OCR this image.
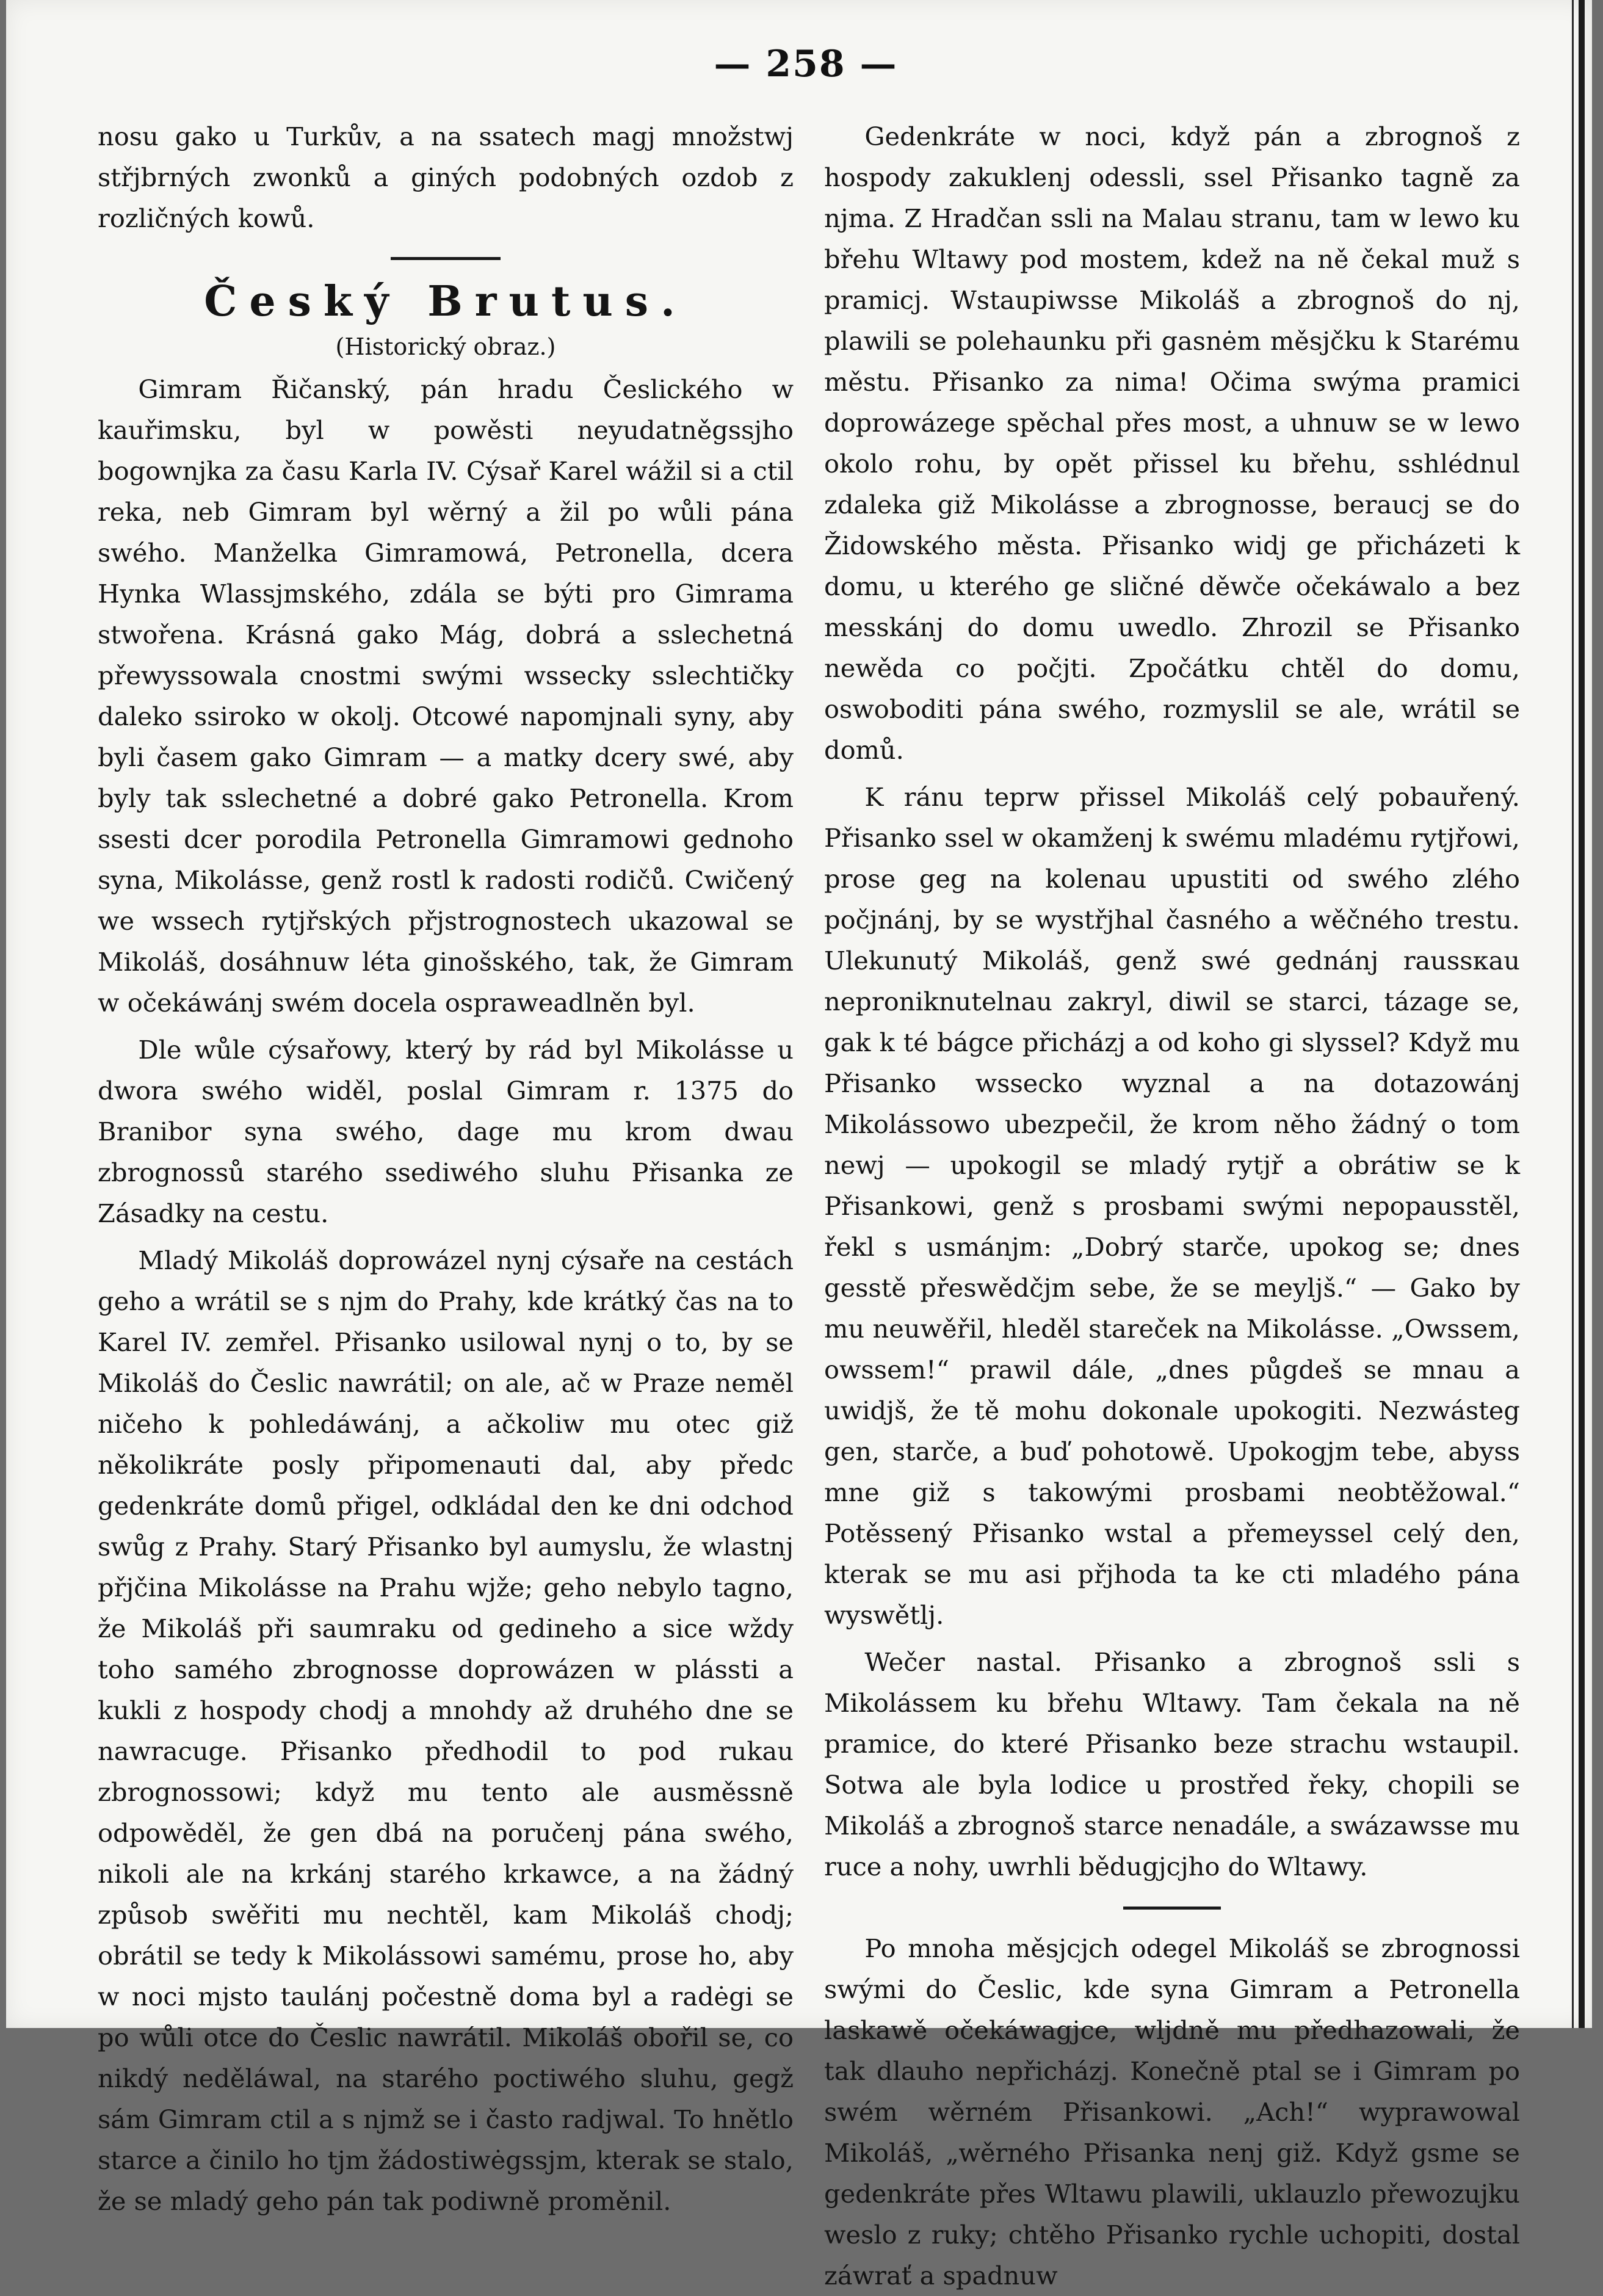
— 258 —

nosu gako u Turkův, a na ssatech magj množstwj střjbrných zwonků a giných podobných ozdob z rozličných kowů.

Český Brutus.
(Historický obraz.)

Gimram Řičanský, pán hradu Česlického w kauřimsku, byl w powěsti neyudatněgssjho bogownjka za času Karla IV. Cýsař Karel wážil si a ctil reka, neb Gimram byl wěrný a žil po wůli pána swého. Manželka Gimramowá, Petronella, dcera Hynka Wlassjmského, zdála se býti pro Gimrama stwořena. Krásná gako Mág, dobrá a sslechetná přewyssowala cnostmi swými wssecky sslechtičky daleko ssiroko w okolj. Otcowé napomjnali syny, aby byli časem gako Gimram — a matky dcery swé, aby byly tak sslechetné a dobré gako Petronella. Krom ssesti dcer porodila Petronella Gimramowi gednoho syna, Mikolásse, genž rostl k radosti rodičů. Cwičený we wssech rytjřských přjstrognostech ukazowal se Mikoláš, dosáhnuw léta ginošského, tak, že Gimram w očekáwánj swém docela ospraweadlněn byl.

Dle wůle cýsařowy, který by rád byl Mikolásse u dwora swého widěl, poslal Gimram r. 1375 do Branibor syna swého, dage mu krom dwau zbrognossů starého ssediwého sluhu Přisanka ze Zásadky na cestu.

Mladý Mikoláš doprowázel nynj cýsaře na cestách geho a wrátil se s njm do Prahy, kde krátký čas na to Karel IV. zemřel. Přisanko usilowal nynj o to, by se Mikoláš do Česlic nawrátil; on ale, ač w Praze neměl ničeho k pohledáwánj, a ačkoliw mu otec giž několikráte posly připomenauti dal, aby předc gedenkráte domů přigel, odkládal den ke dni odchod swůg z Prahy. Starý Přisanko byl aumyslu, že wlastnj přjčina Mikolásse na Prahu wjže; geho nebylo tagno, že Mikoláš při saumraku od gedineho a sice wždy toho samého zbrognosse doprowázen w plássti a kukli z hospody chodj a mnohdy až druhého dne se nawracuge. Přisanko předhodil to pod rukau zbrognossowi; když mu tento ale ausměssně odpowěděl, že gen dbá na poručenj pána swého, nikoli ale na krkánj starého krkawce, a na žádný způsob swěřiti mu nechtěl, kam Mikoláš chodj; obrátil se tedy k Mikolássowi samému, prose ho, aby w noci mjsto taulánj počestně doma byl a radėgi se po wůli otce do Česlic nawrátil. Mikoláš obořil se, co nikdý neděláwal, na starého poctiwého sluhu, gegž sám Gimram ctil a s njmž se i často radjwal. To hnětlo starce a činilo ho tjm žádostiwėgssjm, kterak se stalo, že se mladý geho pán tak podiwně proměnil.

Gedenkráte w noci, když pán a zbrognoš z hospody zakuklenj odessli, ssel Přisanko tagně za njma. Z Hradčan ssli na Malau stranu, tam w lewo ku břehu Wltawy pod mostem, kdež na ně čekal muž s pramicj. Wstaupiwsse Mikoláš a zbrognoš do nj, plawili se polehaunku při gasnėm měsjčku k Starému městu. Přisanko za nima! Očima swýma pramici doprowázege spěchal přes most, a uhnuw se w lewo okolo rohu, by opět přissel ku břehu, sshlédnul zdaleka giž Mikolásse a zbrognosse, beraucj se do Židowského města. Přisanko widj ge přicházeti k domu, u kterého ge sličné děwče očekáwalo a bez messkánj do domu uwedlo. Zhrozil se Přisanko newěda co počjti. Zpočátku chtěl do domu, oswoboditi pána swého, rozmyslil se ale, wrátil se domů.

K ránu teprw přissel Mikoláš celý pobauřený. Přisanko ssel w okamženj k swému mladému rytjřowi, prose geg na kolenau upustiti od swého zlého počjnánj, by se wystřjhal časného a wěčného trestu. Ulekunutý Mikoláš, genž swé gednánj raussкau neproniknutelnau zakryl, diwil se starci, tázage se, gak k té bágce přicházj a od koho gi slyssel? Když mu Přisanko wssecko wyznal a na dotazowánj Mikolássowo ubezpečil, že krom něho žádný o tom newj — upokogil se mladý rytjř a obrátiw se k Přisankowi, genž s prosbami swými nepopausstěl, řekl s usmánjm: „Dobrý starče, upokog se; dnes gesstě přeswědčjm sebe, že se meyljš.“ — Gako by mu neuwěřil, hleděl stareček na Mikolásse. „Owssem, owssem!“ prawil dále, „dnes půgdeš se mnau a uwidjš, že tě mohu dokonale upokogiti. Nezwásteg gen, starče, a buď pohotowě. Upokogjm tebe, abyss mne giž s takowými prosbami neobtěžowal.“ Potěssený Přisanko wstal a přemeyssel celý den, kterak se mu asi přjhoda ta ke cti mladého pána wyswětlj.

Wečer nastal. Přisanko a zbrognoš ssli s Mikolássem ku břehu Wltawy. Tam čekala na ně pramice, do které Přisanko beze strachu wstaupil. Sotwa ale byla lodice u prostřed řeky, chopili se Mikoláš a zbrognoš starce nenadále, a swázawsse mu ruce a nohy, uwrhli bědugjcjho do Wltawy.

Po mnoha měsjcjch odegel Mikoláš se zbrognossi swými do Česlic, kde syna Gimram a Petronella laskawě očekáwagjce, wljdně mu předhazowali, že tak dlauho nepřicházj. Konečně ptal se i Gimram po swém wěrném Přisankowi. „Ach!“ wyprawowal Mikoláš, „wěrného Přisanka nenj giž. Když gsme se gedenkráte přes Wltawu plawili, uklauzlo přewozujku weslo z ruky; chtěho Přisanko rychle uchopiti, dostal záwrať a spadnuw
